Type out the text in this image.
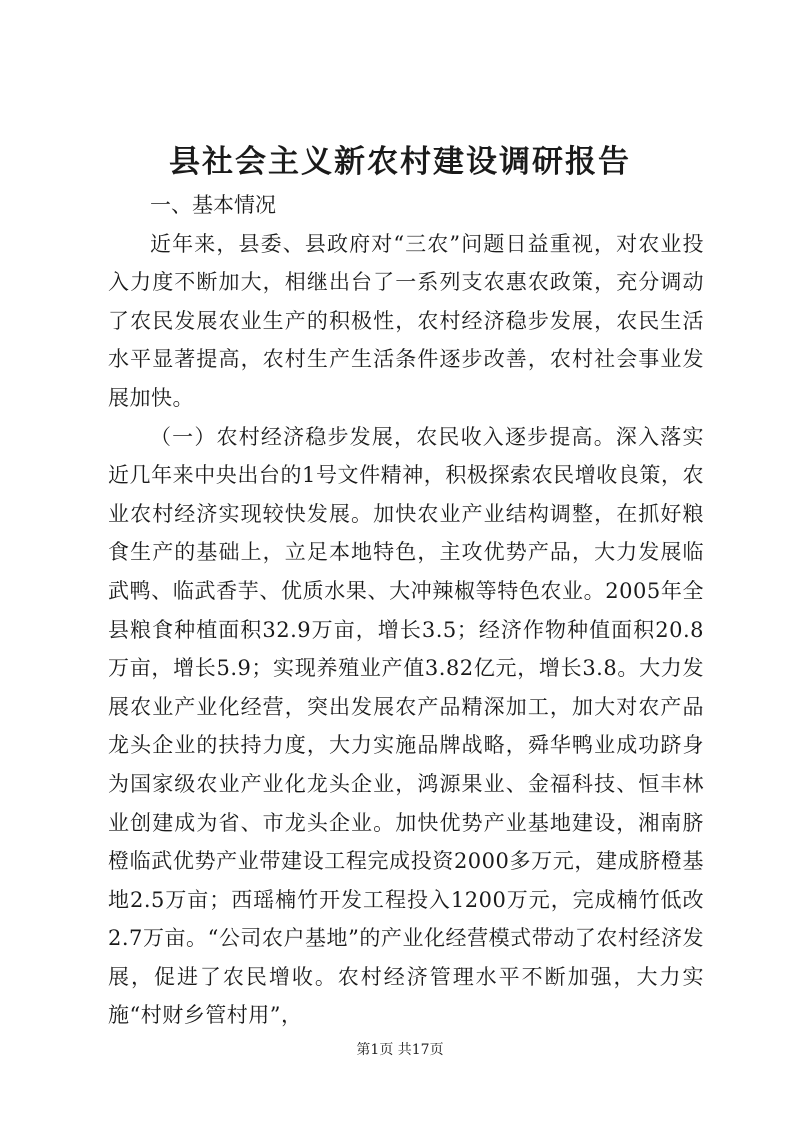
县社会主义新农村建设调研报告

一、基本情况

近年来，县委、县政府对“三农”问题日益重视，对农业投入力度不断加大，相继出台了一系列支农惠农政策，充分调动了农民发展农业生产的积极性，农村经济稳步发展，农民生活水平显著提高，农村生产生活条件逐步改善，农村社会事业发展加快。

（一）农村经济稳步发展，农民收入逐步提高。深入落实近几年来中央出台的1号文件精神，积极探索农民增收良策，农业农村经济实现较快发展。加快农业产业结构调整，在抓好粮食生产的基础上，立足本地特色，主攻优势产品，大力发展临武鸭、临武香芋、优质水果、大冲辣椒等特色农业。2005年全县粮食种植面积32.9万亩，增长3.5；经济作物种值面积20.8万亩，增长5.9；实现养殖业产值3.82亿元，增长3.8。大力发展农业产业化经营，突出发展农产品精深加工，加大对农产品龙头企业的扶持力度，大力实施品牌战略，舜华鸭业成功跻身为国家级农业产业化龙头企业，鸿源果业、金福科技、恒丰林业创建成为省、市龙头企业。加快优势产业基地建设，湘南脐橙临武优势产业带建设工程完成投资2000多万元，建成脐橙基地2.5万亩；西瑶楠竹开发工程投入1200万元，完成楠竹低改2.7万亩。“公司农户基地”的产业化经营模式带动了农村经济发展，促进了农民增收。农村经济管理水平不断加强，大力实施“村财乡管村用”，

第1页 共17页
